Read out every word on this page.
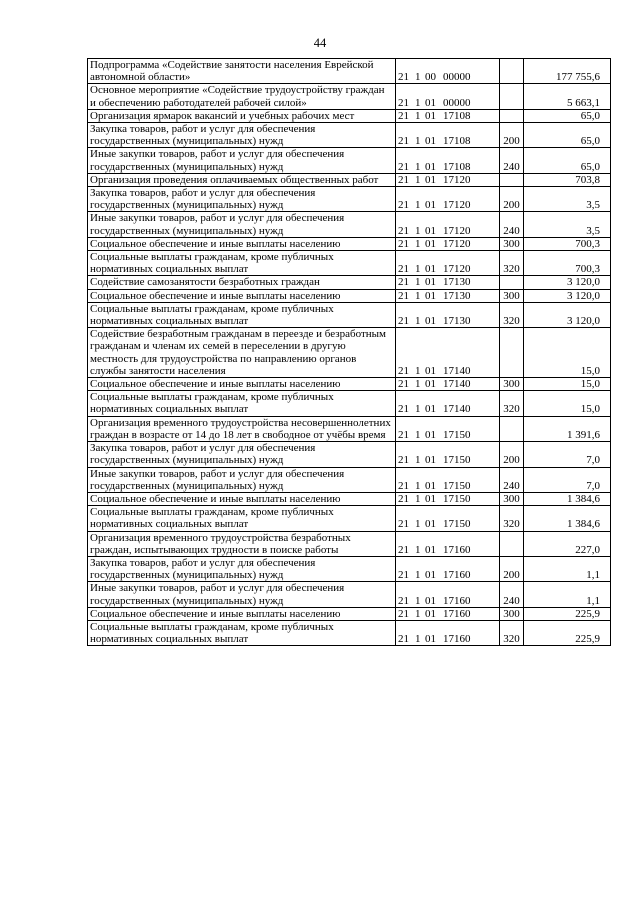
44
Подпрограмма «Содействие занятости населения Еврейской автономной области»	21 1 00 00000		177 755,6
Основное мероприятие «Содействие трудоустройству граждан и обеспечению работодателей рабочей силой»	21 1 01 00000		5 663,1
Организация ярмарок вакансий и учебных рабочих мест	21 1 01 17108		65,0
Закупка товаров, работ и услуг для обеспечения государственных (муниципальных) нужд	21 1 01 17108	200	65,0
Иные закупки товаров, работ и услуг для обеспечения государственных (муниципальных) нужд	21 1 01 17108	240	65,0
Организация проведения оплачиваемых общественных работ	21 1 01 17120		703,8
Закупка товаров, работ и услуг для обеспечения государственных (муниципальных) нужд	21 1 01 17120	200	3,5
Иные закупки товаров, работ и услуг для обеспечения государственных (муниципальных) нужд	21 1 01 17120	240	3,5
Социальное обеспечение и иные выплаты населению	21 1 01 17120	300	700,3
Социальные выплаты гражданам, кроме публичных нормативных социальных выплат	21 1 01 17120	320	700,3
Содействие самозанятости безработных граждан	21 1 01 17130		3 120,0
Социальное обеспечение и иные выплаты населению	21 1 01 17130	300	3 120,0
Социальные выплаты гражданам, кроме публичных нормативных социальных выплат	21 1 01 17130	320	3 120,0
Содействие безработным гражданам в переезде и безработным гражданам и членам их семей в переселении в другую местность для трудоустройства по направлению органов службы занятости населения	21 1 01 17140		15,0
Социальное обеспечение и иные выплаты населению	21 1 01 17140	300	15,0
Социальные выплаты гражданам, кроме публичных нормативных социальных выплат	21 1 01 17140	320	15,0
Организация временного трудоустройства несовершеннолетних граждан в возрасте от 14 до 18 лет в свободное от учёбы время	21 1 01 17150		1 391,6
Закупка товаров, работ и услуг для обеспечения государственных (муниципальных) нужд	21 1 01 17150	200	7,0
Иные закупки товаров, работ и услуг для обеспечения государственных (муниципальных) нужд	21 1 01 17150	240	7,0
Социальное обеспечение и иные выплаты населению	21 1 01 17150	300	1 384,6
Социальные выплаты гражданам, кроме публичных нормативных социальных выплат	21 1 01 17150	320	1 384,6
Организация временного трудоустройства безработных граждан, испытывающих трудности в поиске работы	21 1 01 17160		227,0
Закупка товаров, работ и услуг для обеспечения государственных (муниципальных) нужд	21 1 01 17160	200	1,1
Иные закупки товаров, работ и услуг для обеспечения государственных (муниципальных) нужд	21 1 01 17160	240	1,1
Социальное обеспечение и иные выплаты населению	21 1 01 17160	300	225,9
Социальные выплаты гражданам, кроме публичных нормативных социальных выплат	21 1 01 17160	320	225,9
